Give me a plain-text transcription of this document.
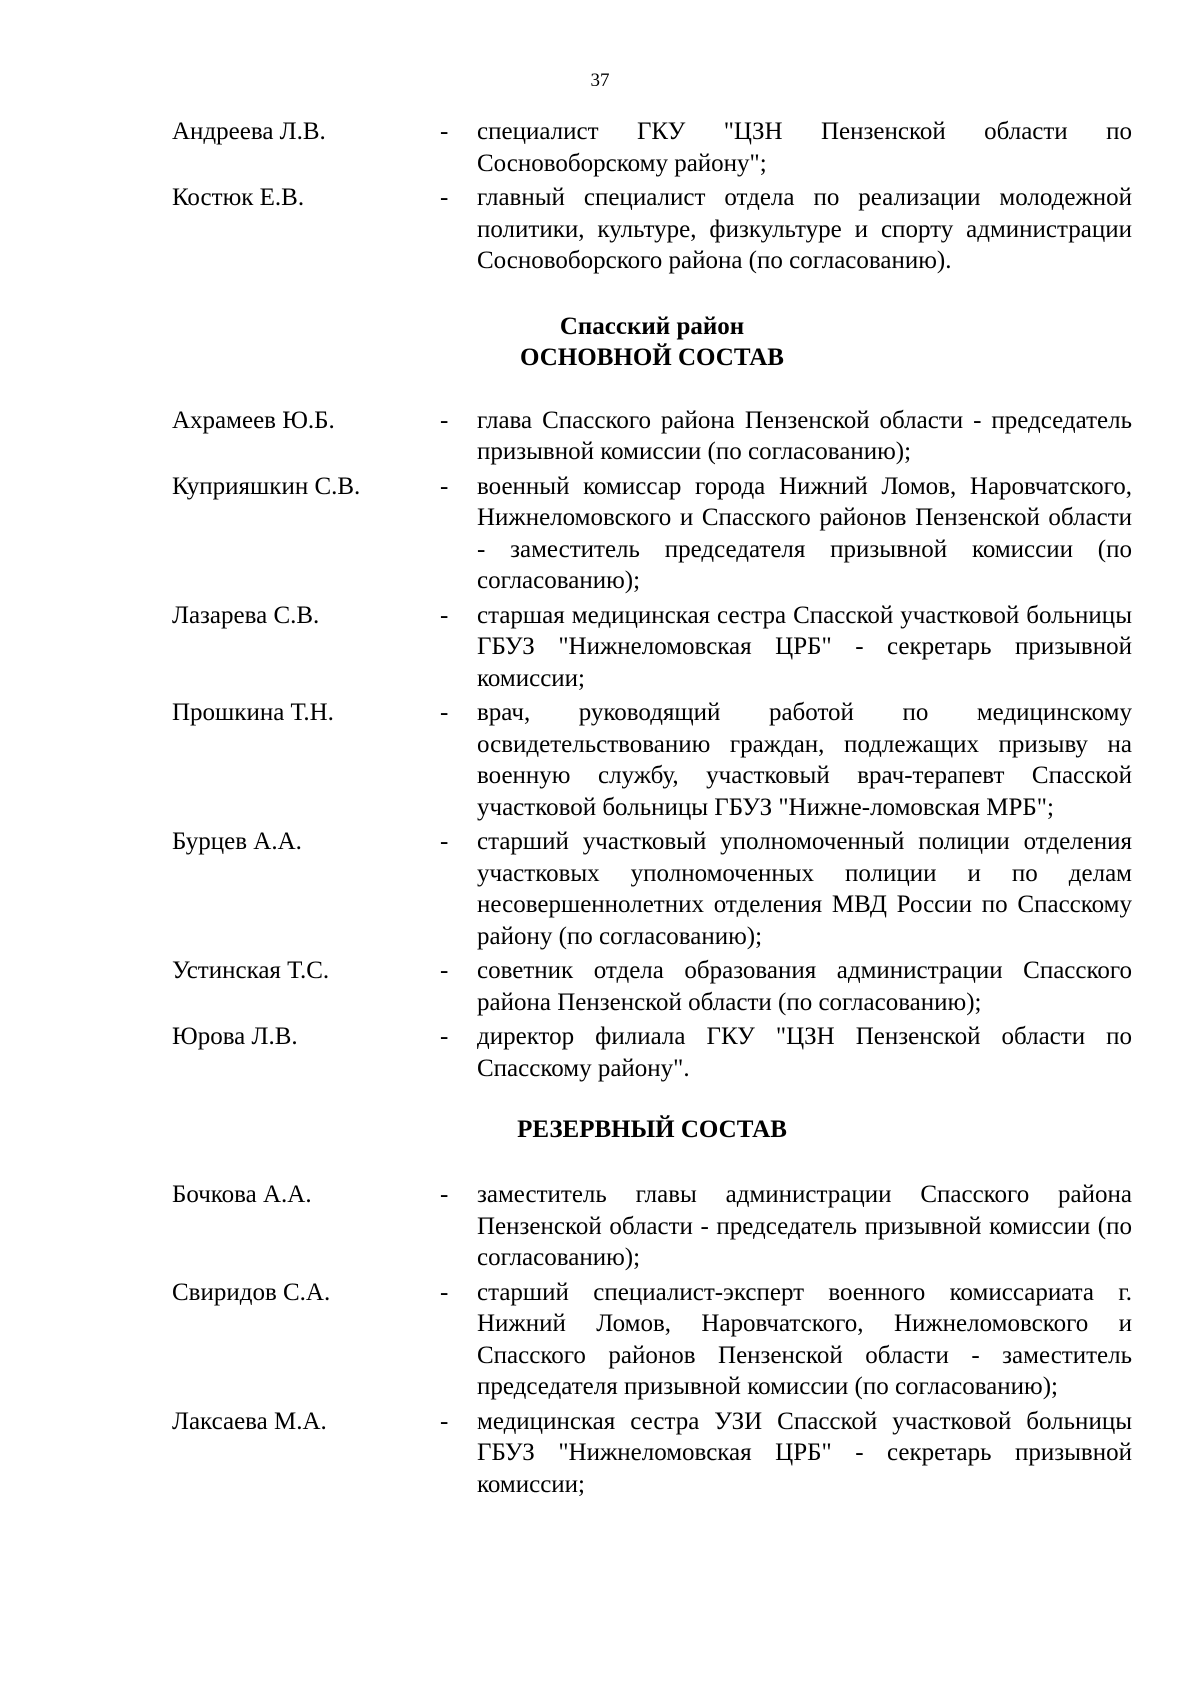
37
Андреева Л.В.	-	специалист ГКУ "ЦЗН Пензенской области по Сосновоборскому району";
Костюк Е.В.	-	главный специалист отдела по реализации молодежной политики, культуре, физкультуре и спорту администрации Сосновоборского района (по согласованию).
Спасский район
ОСНОВНОЙ СОСТАВ
Ахрамеев Ю.Б.	-	глава Спасского района Пензенской области - председатель призывной комиссии (по согласованию);
Куприяшкин С.В.	-	военный комиссар города Нижний Ломов, Наровчатского, Нижнеломовского и Спасского районов Пензенской области - заместитель председателя призывной комиссии (по согласованию);
Лазарева С.В.	-	старшая медицинская сестра Спасской участковой больницы ГБУЗ "Нижнеломовская ЦРБ" - секретарь призывной комиссии;
Прошкина Т.Н.	-	врач, руководящий работой по медицинскому освидетельствованию граждан, подлежащих призыву на военную службу, участковый врач-терапевт Спасской участковой больницы ГБУЗ "Нижне-ломовская МРБ";
Бурцев А.А.	-	старший участковый уполномоченный полиции отделения участковых уполномоченных полиции и по делам несовершеннолетних отделения МВД России по Спасскому району (по согласованию);
Устинская Т.С.	-	советник отдела образования администрации Спасского района Пензенской области (по согласованию);
Юрова Л.В.	-	директор филиала ГКУ "ЦЗН Пензенской области по Спасскому району".
РЕЗЕРВНЫЙ СОСТАВ
Бочкова А.А.	-	заместитель главы администрации Спасского района Пензенской области - председатель призывной комиссии (по согласованию);
Свиридов С.А.	-	старший специалист-эксперт военного комиссариата г. Нижний Ломов, Наровчатского, Нижнеломовского и Спасского районов Пензенской области - заместитель председателя призывной комиссии (по согласованию);
Лаксаева М.А.	-	медицинская сестра УЗИ Спасской участковой больницы ГБУЗ "Нижнеломовская ЦРБ" - секретарь призывной комиссии;
